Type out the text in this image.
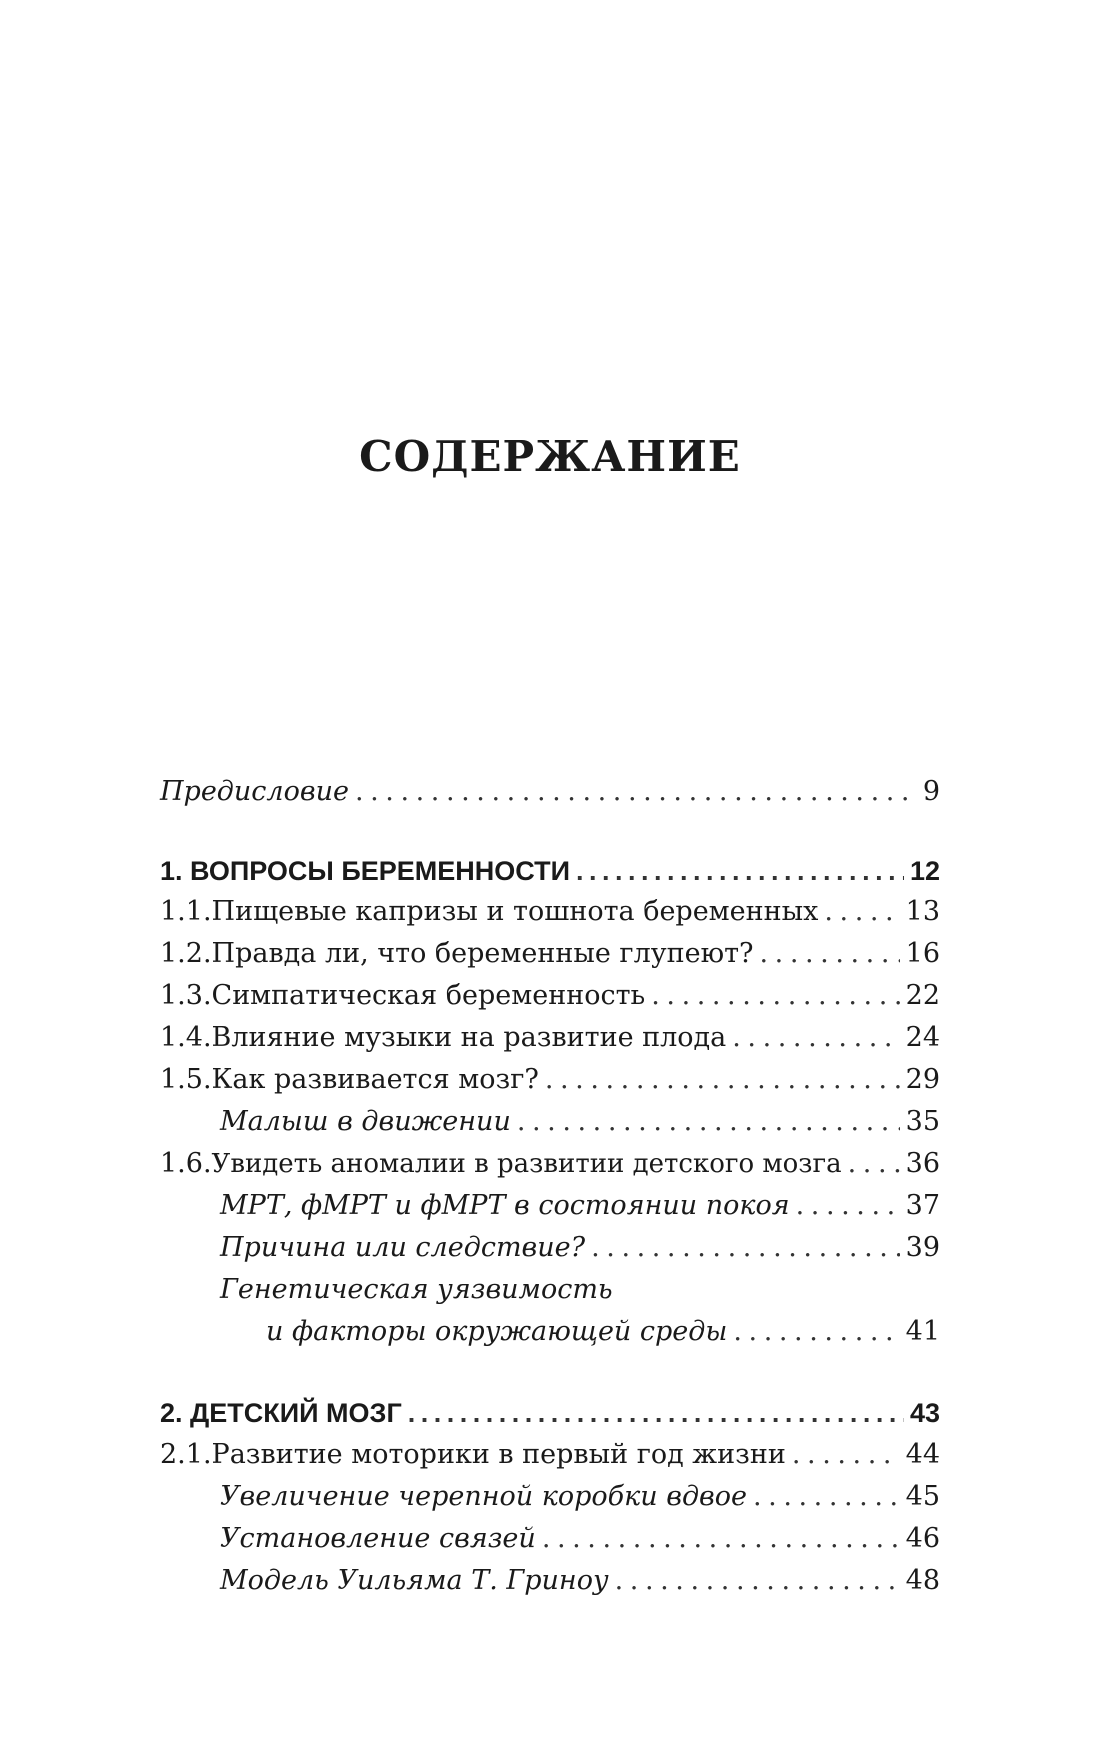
СОДЕРЖАНИЕ
Предисловие . . .	9
1. ВОПРОСЫ БЕРЕМЕННОСТИ . . .	12
1.1. Пищевые капризы и тошнота беременных . . .	13
1.2. Правда ли, что беременные глупеют? . . .	16
1.3. Симпатическая беременность . . .	22
1.4. Влияние музыки на развитие плода . . .	24
1.5. Как развивается мозг? . . .	29
Малыш в движении . . .	35
1.6. Увидеть аномалии в развитии детского мозга . . . 36
МРТ, фМРТ и фМРТ в состоянии покоя . . .	37
Причина или следствие? . . .	39
Генетическая уязвимость
и факторы окружающей среды . . .	41
2. ДЕТСКИЙ МОЗГ . . .	43
2.1. Развитие моторики в первый год жизни . . .	44
Увеличение черепной коробки вдвое . . .	45
Установление связей . . .	46
Модель Уильяма Т. Гриноу . . .	48
